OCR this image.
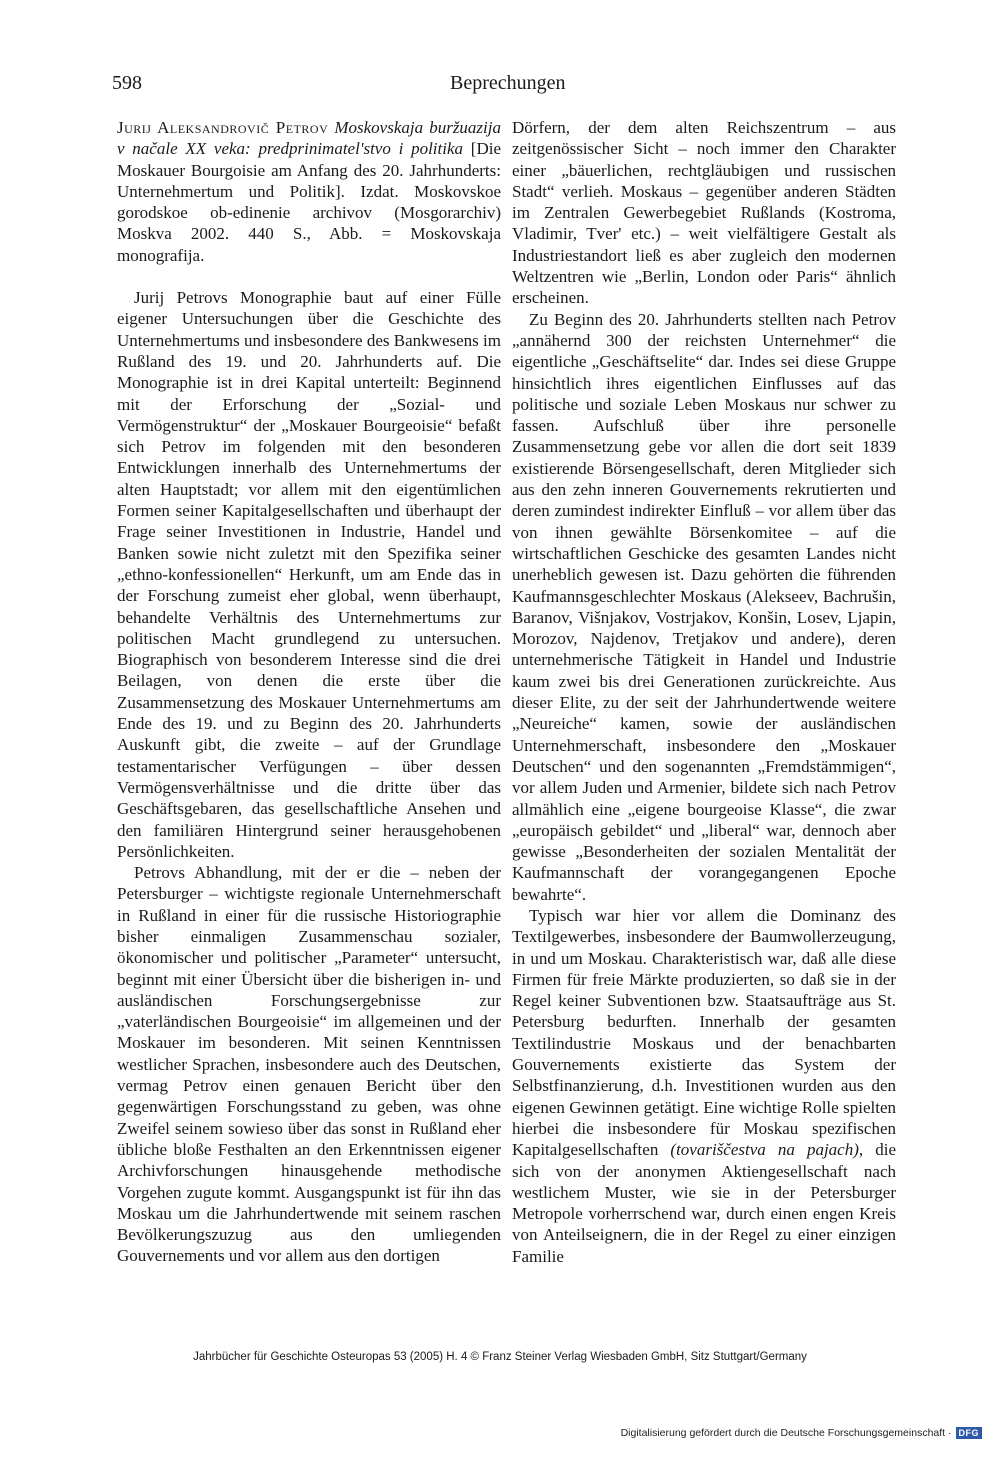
598	Beprechungen
Jurij Aleksandrovič Petrov Moskovskaja buržuazija v načale XX veka: predprinimatel'stvo i politika [Die Moskauer Bourgoisie am Anfang des 20. Jahrhunderts: Unternehmertum und Politik]. Izdat. Moskovskoe gorodskoe ob-edinenie archivov (Mosgorarchiv) Moskva 2002. 440 S., Abb. = Moskovskaja monografija.

Jurij Petrovs Monographie baut auf einer Fülle eigener Untersuchungen über die Geschichte des Unternehmertums und insbesondere des Bankwesens im Rußland des 19. und 20. Jahrhunderts auf. Die Monographie ist in drei Kapital unterteilt: Beginnend mit der Erforschung der „Sozial- und Vermögenstruktur“ der „Moskauer Bourgeoisie“ befaßt sich Petrov im folgenden mit den besonderen Entwicklungen innerhalb des Unternehmertums der alten Hauptstadt; vor allem mit den eigentümlichen Formen seiner Kapitalgesellschaften und überhaupt der Frage seiner Investitionen in Industrie, Handel und Banken sowie nicht zuletzt mit den Spezifika seiner „ethno-konfessionellen“ Herkunft, um am Ende das in der Forschung zumeist eher global, wenn überhaupt, behandelte Verhältnis des Unternehmertums zur politischen Macht grundlegend zu untersuchen. Biographisch von besonderem Interesse sind die drei Beilagen, von denen die erste über die Zusammensetzung des Moskauer Unternehmertums am Ende des 19. und zu Beginn des 20. Jahrhunderts Auskunft gibt, die zweite – auf der Grundlage testamentarischer Verfügungen – über dessen Vermögensverhältnisse und die dritte über das Geschäftsgebaren, das gesellschaftliche Ansehen und den familiären Hintergrund seiner herausgehobenen Persönlichkeiten.

Petrovs Abhandlung, mit der er die – neben der Petersburger – wichtigste regionale Unternehmerschaft in Rußland in einer für die russische Historiographie bisher einmaligen Zusammenschau sozialer, ökonomischer und politischer „Parameter“ untersucht, beginnt mit einer Übersicht über die bisherigen in- und ausländischen Forschungsergebnisse zur „vaterländischen Bourgeoisie“ im allgemeinen und der Moskauer im besonderen. Mit seinen Kenntnissen westlicher Sprachen, insbesondere auch des Deutschen, vermag Petrov einen genauen Bericht über den gegenwärtigen Forschungsstand zu geben, was ohne Zweifel seinem sowieso über das sonst in Rußland eher übliche bloße Festhalten an den Erkenntnissen eigener Archivforschungen hinausgehende methodische Vorgehen zugute kommt. Ausgangspunkt ist für ihn das Moskau um die Jahrhundertwende mit seinem raschen Bevölkerungszuzug aus den umliegenden Gouvernements und vor allem aus den dortigen

Dörfern, der dem alten Reichszentrum – aus zeitgenössischer Sicht – noch immer den Charakter einer „bäuerlichen, rechtgläubigen und russischen Stadt“ verlieh. Moskaus – gegenüber anderen Städten im Zentralen Gewerbegebiet Rußlands (Kostroma, Vladimir, Tver' etc.) – weit vielfältigere Gestalt als Industriestandort ließ es aber zugleich den modernen Weltzentren wie „Berlin, London oder Paris“ ähnlich erscheinen.

Zu Beginn des 20. Jahrhunderts stellten nach Petrov „annähernd 300 der reichsten Unternehmer“ die eigentliche „Geschäftselite“ dar. Indes sei diese Gruppe hinsichtlich ihres eigentlichen Einflusses auf das politische und soziale Leben Moskaus nur schwer zu fassen. Aufschluß über ihre personelle Zusammensetzung gebe vor allen die dort seit 1839 existierende Börsengesellschaft, deren Mitglieder sich aus den zehn inneren Gouvernements rekrutierten und deren zumindest indirekter Einfluß – vor allem über das von ihnen gewählte Börsenkomitee – auf die wirtschaftlichen Geschicke des gesamten Landes nicht unerheblich gewesen ist. Dazu gehörten die führenden Kaufmannsgeschlechter Moskaus (Alekseev, Bachrušin, Baranov, Višnjakov, Vostrjakov, Konšin, Losev, Ljapin, Morozov, Najdenov, Tretjakov und andere), deren unternehmerische Tätigkeit in Handel und Industrie kaum zwei bis drei Generationen zurückreichte. Aus dieser Elite, zu der seit der Jahrhundertwende weitere „Neureiche“ kamen, sowie der ausländischen Unternehmerschaft, insbesondere den „Moskauer Deutschen“ und den sogenannten „Fremdstämmigen“, vor allem Juden und Armenier, bildete sich nach Petrov allmählich eine „eigene bourgeoise Klasse“, die zwar „europäisch gebildet“ und „liberal“ war, dennoch aber gewisse „Besonderheiten der sozialen Mentalität der Kaufmannschaft der vorangegangenen Epoche bewahrte“.

Typisch war hier vor allem die Dominanz des Textilgewerbes, insbesondere der Baumwollerzeugung, in und um Moskau. Charakteristisch war, daß alle diese Firmen für freie Märkte produzierten, so daß sie in der Regel keiner Subventionen bzw. Staatsaufträge aus St. Petersburg bedurften. Innerhalb der gesamten Textilindustrie Moskaus und der benachbarten Gouvernements existierte das System der Selbstfinanzierung, d.h. Investitionen wurden aus den eigenen Gewinnen getätigt. Eine wichtige Rolle spielten hierbei die insbesondere für Moskau spezifischen Kapitalgesellschaften (tovariščestva na pajach), die sich von der anonymen Aktiengesellschaft nach westlichem Muster, wie sie in der Petersburger Metropole vorherrschend war, durch einen engen Kreis von Anteilseignern, die in der Regel zu einer einzigen Familie

Jahrbücher für Geschichte Osteuropas 53 (2005) H. 4 © Franz Steiner Verlag Wiesbaden GmbH, Sitz Stuttgart/Germany
Digitalisierung gefördert durch die Deutsche Forschungsgemeinschaft · DFG
